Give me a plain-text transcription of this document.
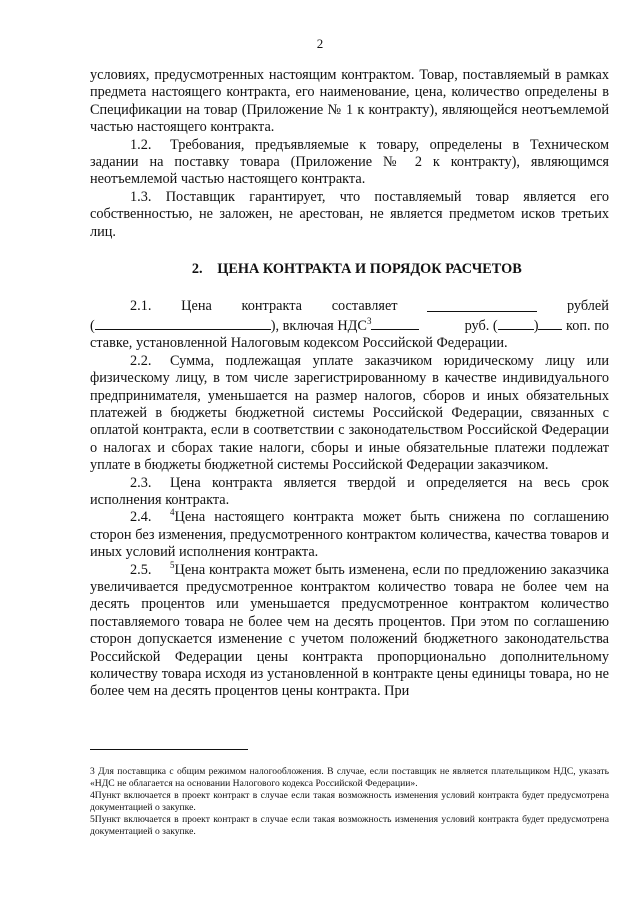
2

условиях, предусмотренных настоящим контрактом. Товар, поставляемый в рамках предмета настоящего контракта, его наименование, цена, количество определены в Спецификации на товар (Приложение № 1 к контракту), являющейся неотъемлемой частью настоящего контракта.

1.2. Требования, предъявляемые к товару, определены в Техническом задании на поставку товара (Приложение № 2 к контракту), являющимся неотъемлемой частью настоящего контракта.

1.3. Поставщик гарантирует, что поставляемый товар является его собственностью, не заложен, не арестован, не является предметом исков третьих лиц.

2. ЦЕНА КОНТРАКТА И ПОРЯДОК РАСЧЕТОВ

2.1. Цена контракта составляет	рублей
(	), включая НДС$^3$	руб. (	) коп. по

ставке, установленной Налоговым кодексом Российской Федерации.

2.2. Сумма, подлежащая уплате заказчиком юридическому лицу или физическому лицу, в том числе зарегистрированному в качестве индивидуального предпринимателя, уменьшается на размер налогов, сборов и иных обязательных платежей в бюджеты бюджетной системы Российской Федерации, связанных с оплатой контракта, если в соответствии с законодательством Российской Федерации о налогах и сборах такие налоги, сборы и иные обязательные платежи подлежат уплате в бюджеты бюджетной системы Российской Федерации заказчиком.

2.3. Цена контракта является твердой и определяется на весь срок исполнения контракта.

2.4. $^4$Цена настоящего контракта может быть снижена по соглашению сторон без изменения, предусмотренного контрактом количества, качества товаров и иных условий исполнения контракта.

2.5. $^5$Цена контракта может быть изменена, если по предложению заказчика увеличивается предусмотренное контрактом количество товара не более чем на десять процентов или уменьшается предусмотренное контрактом количество поставляемого товара не более чем на десять процентов. При этом по соглашению сторон допускается изменение с учетом положений бюджетного законодательства Российской Федерации цены контракта пропорционально дополнительному количеству товара исходя из установленной в контракте цены единицы товара, но не более чем на десять процентов цены контракта. При

3 Для поставщика с общим режимом налогообложения. В случае, если поставщик не является плательщиком НДС, указать «НДС не облагается на основании Налогового кодекса Российской Федерации».

4Пункт включается в проект контракт в случае если такая возможность изменения условий контракта будет предусмотрена документацией о закупке.

5Пункт включается в проект контракт в случае если такая возможность изменения условий контракта будет предусмотрена документацией о закупке.
